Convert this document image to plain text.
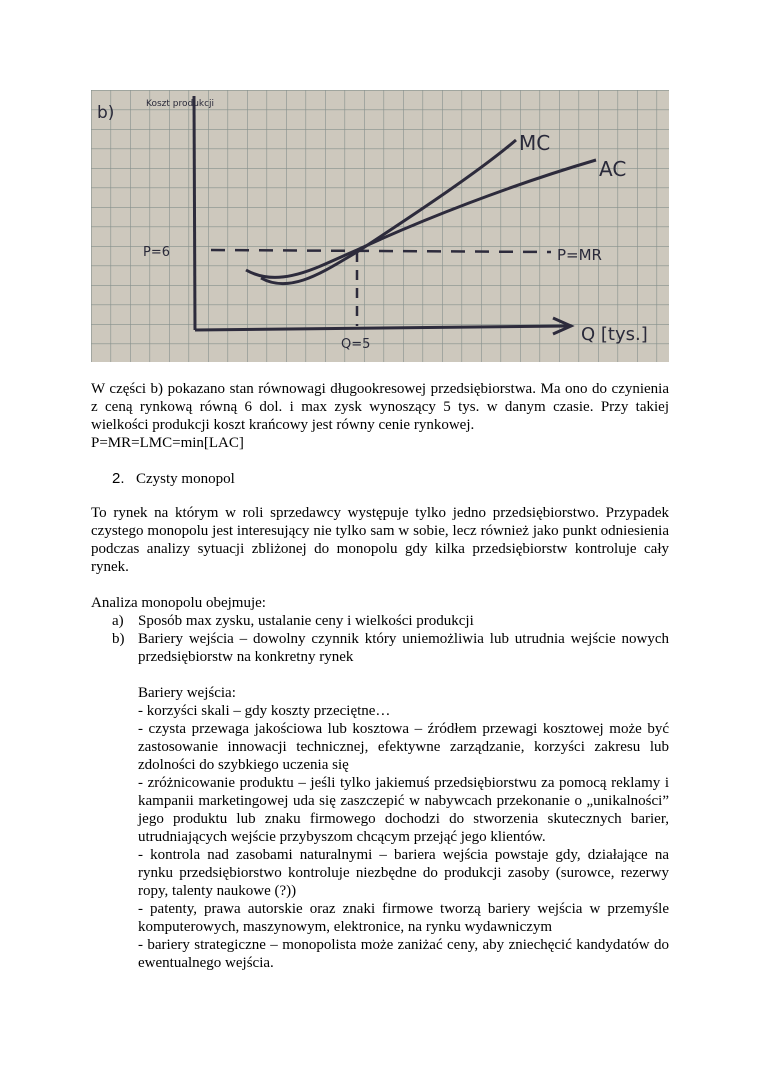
b)	Koszt produkcji
MC
AC
P=MR
P=6
Q=5	Q [tys.]

W części b) pokazano stan równowagi długookresowej przedsiębiorstwa. Ma ono do czynienia z ceną rynkową równą 6 dol. i max zysk wynoszący 5 tys. w danym czasie. Przy takiej wielkości produkcji koszt krańcowy jest równy cenie rynkowej.

P=MR=LMC=min[LAC]

2. Czysty monopol

To rynek na którym w roli sprzedawcy występuje tylko jedno przedsiębiorstwo. Przypadek czystego monopolu jest interesujący nie tylko sam w sobie, lecz również jako punkt odniesienia podczas analizy sytuacji zbliżonej do monopolu gdy kilka przedsiębiorstw kontroluje cały rynek.

Analiza monopolu obejmuje:

a) Sposób max zysku, ustalanie ceny i wielkości produkcji
b) Bariery wejścia – dowolny czynnik który uniemożliwia lub utrudnia wejście nowych przedsiębiorstw na konkretny rynek

Bariery wejścia:

- korzyści skali – gdy koszty przeciętne…

- czysta przewaga jakościowa lub kosztowa – źródłem przewagi kosztowej może być zastosowanie innowacji technicznej, efektywne zarządzanie, korzyści zakresu lub zdolności do szybkiego uczenia się

- zróżnicowanie produktu – jeśli tylko jakiemuś przedsiębiorstwu za pomocą reklamy i kampanii marketingowej uda się zaszczepić w nabywcach przekonanie o „unikalności” jego produktu lub znaku firmowego dochodzi do stworzenia skutecznych barier, utrudniających wejście przybyszom chcącym przejąć jego klientów.

- kontrola nad zasobami naturalnymi – bariera wejścia powstaje gdy, działające na rynku przedsiębiorstwo kontroluje niezbędne do produkcji zasoby (surowce, rezerwy ropy, talenty naukowe (?))

- patenty, prawa autorskie oraz znaki firmowe tworzą bariery wejścia w przemyśle komputerowych, maszynowym, elektronice, na rynku wydawniczym

- bariery strategiczne – monopolista może zaniżać ceny, aby zniechęcić kandydatów do ewentualnego wejścia.
